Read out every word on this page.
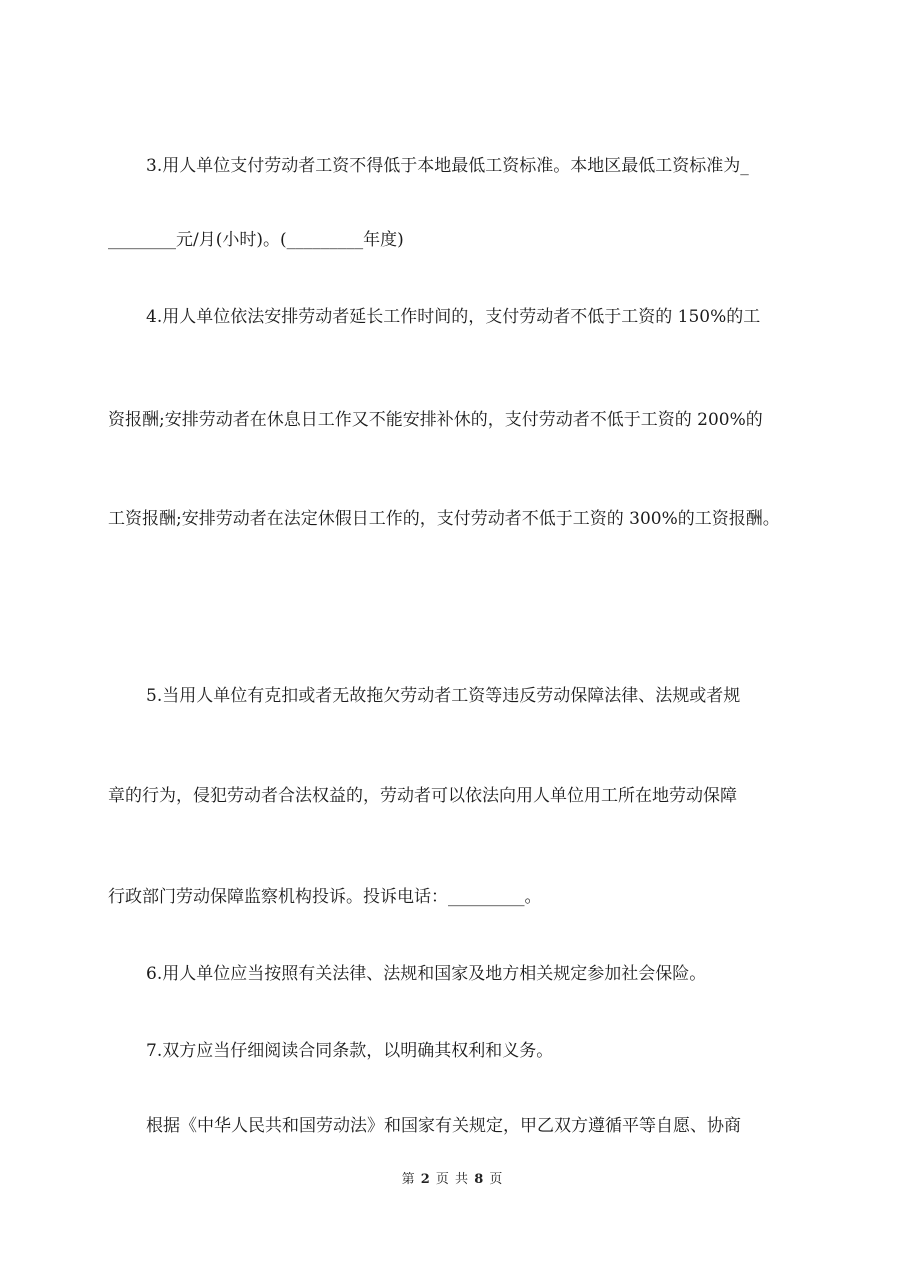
3.用人单位支付劳动者工资不得低于本地最低工资标准。本地区最低工资标准为_
________元/月(小时)。(_________年度)
4.用人单位依法安排劳动者延长工作时间的，支付劳动者不低于工资的 150%的工
资报酬;安排劳动者在休息日工作又不能安排补休的，支付劳动者不低于工资的 200%的
工资报酬;安排劳动者在法定休假日工作的，支付劳动者不低于工资的 300%的工资报酬。
5.当用人单位有克扣或者无故拖欠劳动者工资等违反劳动保障法律、法规或者规
章的行为，侵犯劳动者合法权益的，劳动者可以依法向用人单位用工所在地劳动保障
行政部门劳动保障监察机构投诉。投诉电话：_________。
6.用人单位应当按照有关法律、法规和国家及地方相关规定参加社会保险。
7.双方应当仔细阅读合同条款，以明确其权利和义务。
根据《中华人民共和国劳动法》和国家有关规定，甲乙双方遵循平等自愿、协商
第 2 页 共 8 页
